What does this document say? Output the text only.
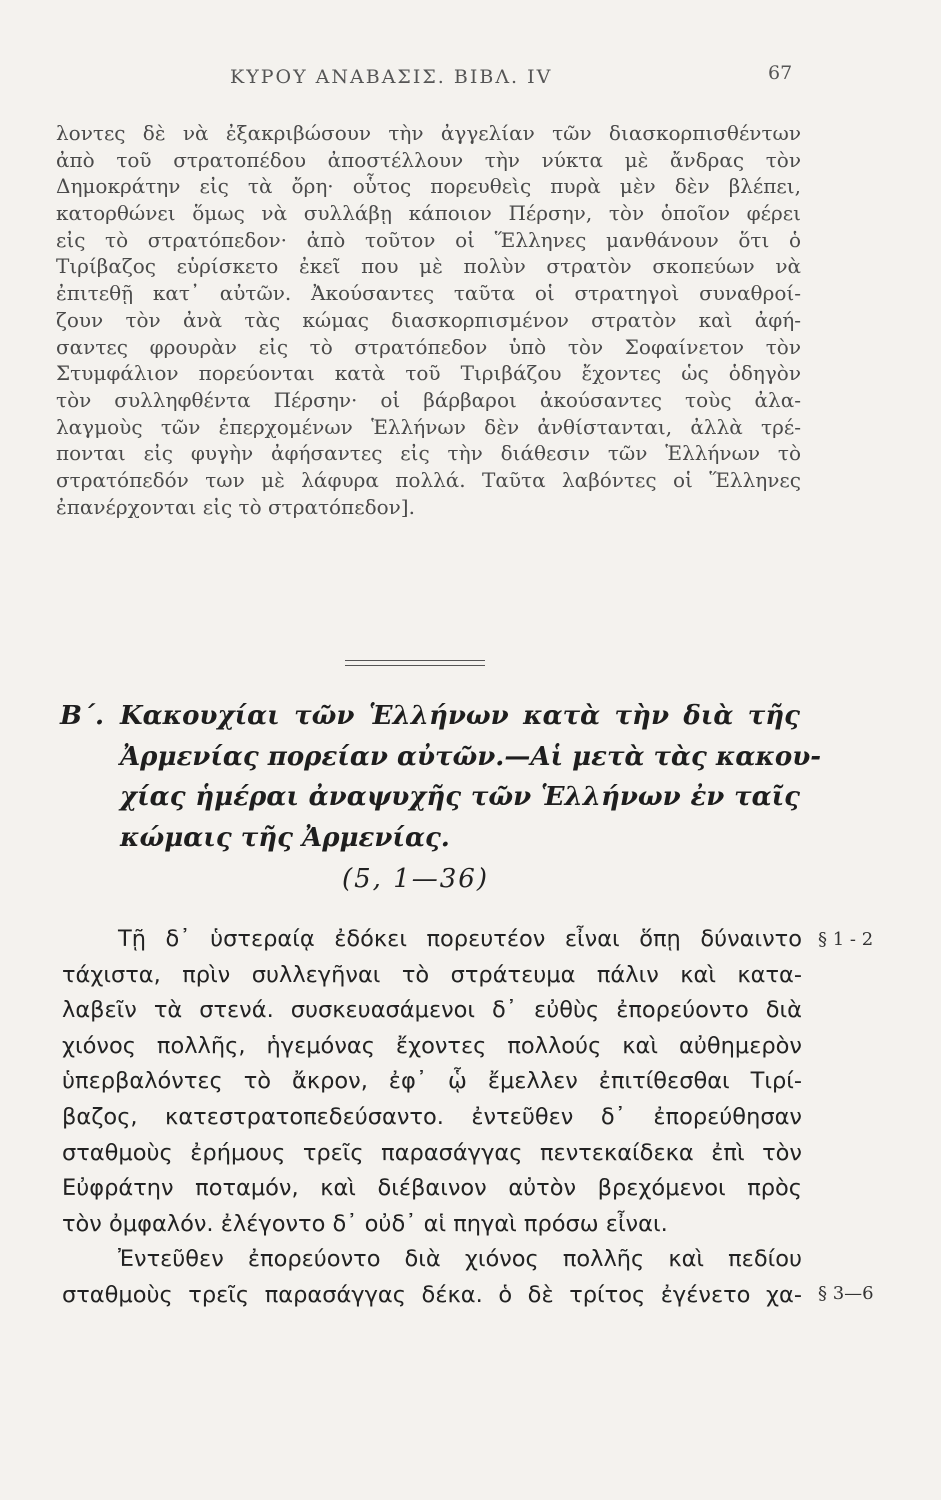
ΚΥΡΟΥ ΑΝΑΒΑΣΙΣ. ΒΙΒΛ. IV	67
λοντες δὲ νὰ ἐξακριβώσουν τὴν ἀγγελίαν τῶν διασκορπισθέντων
ἀπὸ τοῦ στρατοπέδου ἀποστέλλουν τὴν νύκτα μὲ ἄνδρας τὸν
Δημοκράτην εἰς τὰ ὄρη· οὗτος πορευθεὶς πυρὰ μὲν δὲν βλέπει,
κατορθώνει ὅμως νὰ συλλάβῃ κάποιον Πέρσην, τὸν ὁποῖον φέρει
εἰς τὸ στρατόπεδον· ἀπὸ τοῦτον οἱ Ἕλληνες μανθάνουν ὅτι ὁ
Τιρίβαζος εὑρίσκετο ἐκεῖ που μὲ πολὺν στρατὸν σκοπεύων νὰ
ἐπιτεθῇ κατ᾽ αὐτῶν. Ἀκούσαντες ταῦτα οἱ στρατηγοὶ συναθροί-
ζουν τὸν ἀνὰ τὰς κώμας διασκορπισμένον στρατὸν καὶ ἀφή-
σαντες φρουρὰν εἰς τὸ στρατόπεδον ὑπὸ τὸν Σοφαίνετον τὸν
Στυμφάλιον πορεύονται κατὰ τοῦ Τιριβάζου ἔχοντες ὡς ὁδηγὸν
τὸν συλληφθέντα Πέρσην· οἱ βάρβαροι ἀκούσαντες τοὺς ἀλα-
λαγμοὺς τῶν ἐπερχομένων Ἑλλήνων δὲν ἀνθίστανται, ἀλλὰ τρέ-
πονται εἰς φυγὴν ἀφήσαντες εἰς τὴν διάθεσιν τῶν Ἑλλήνων τὸ
στρατόπεδόν των μὲ λάφυρα πολλά. Ταῦτα λαβόντες οἱ Ἕλληνες
ἐπανέρχονται εἰς τὸ στρατόπεδον].
Β΄. Κακουχίαι τῶν Ἑλλήνων κατὰ τὴν διὰ τῆς
Ἀρμενίας πορείαν αὐτῶν.—Αἱ μετὰ τὰς κακου-
χίας ἡμέραι ἀναψυχῆς τῶν Ἑλλήνων ἐν ταῖς
κώμαις τῆς Ἀρμενίας.
(5, 1—36)
Τῇ δ᾽ ὑστεραίᾳ ἐδόκει πορευτέον εἶναι ὅπῃ δύναιντο
τάχιστα, πρὶν συλλεγῆναι τὸ στράτευμα πάλιν καὶ κατα-
λαβεῖν τὰ στενά. συσκευασάμενοι δ᾽ εὐθὺς ἐπορεύοντο διὰ
χιόνος πολλῆς, ἡγεμόνας ἔχοντες πολλούς καὶ αὐθημερὸν
ὑπερβαλόντες τὸ ἄκρον, ἐφ᾽ ᾧ ἔμελλεν ἐπιτίθεσθαι Τιρί-
βαζος, κατεστρατοπεδεύσαντο. ἐντεῦθεν δ᾽ ἐπορεύθησαν
σταθμοὺς ἐρήμους τρεῖς παρασάγγας πεντεκαίδεκα ἐπὶ τὸν
Εὐφράτην ποταμόν, καὶ διέβαινον αὐτὸν βρεχόμενοι πρὸς
τὸν ὀμφαλόν. ἐλέγοντο δ᾽ οὐδ᾽ αἱ πηγαὶ πρόσω εἶναι.
Ἐντεῦθεν ἐπορεύοντο διὰ χιόνος πολλῆς καὶ πεδίου
σταθμοὺς τρεῖς παρασάγγας δέκα. ὁ δὲ τρίτος ἐγένετο χα-
§ 1 - 2
§ 3—6
